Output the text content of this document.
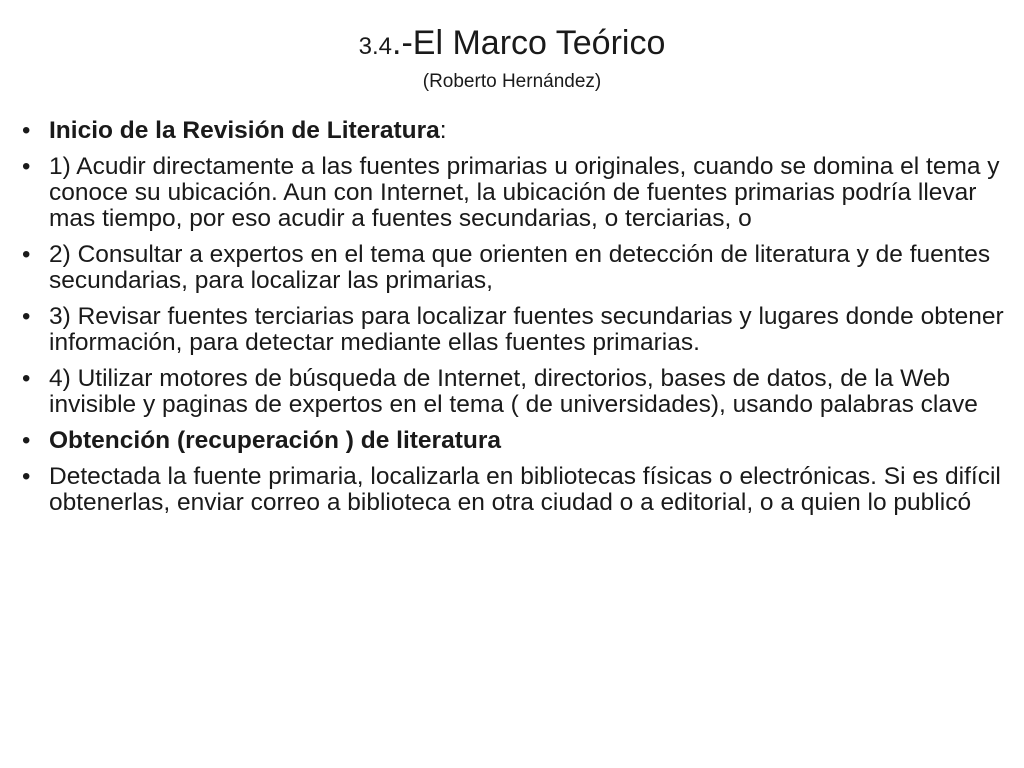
3.4.-El Marco Teórico
(Roberto Hernández)
• Inicio de la Revisión de Literatura:
• 1) Acudir directamente a las fuentes primarias u originales, cuando se domina el tema y conoce su ubicación. Aun con Internet, la ubicación de fuentes primarias podría llevar mas tiempo, por eso acudir a fuentes secundarias, o terciarias, o
• 2) Consultar a expertos en el tema que orienten en detección de literatura y de fuentes secundarias, para localizar las primarias,
• 3) Revisar fuentes terciarias para localizar fuentes secundarias y lugares donde obtener información, para detectar mediante ellas fuentes primarias.
• 4) Utilizar motores de búsqueda de Internet, directorios, bases de datos, de la Web invisible y paginas de expertos en el tema ( de universidades), usando palabras clave
• Obtención (recuperación ) de literatura
• Detectada la fuente primaria, localizarla en bibliotecas físicas o electrónicas. Si es difícil obtenerlas, enviar correo a biblioteca en otra ciudad o a editorial, o a quien lo publicó
